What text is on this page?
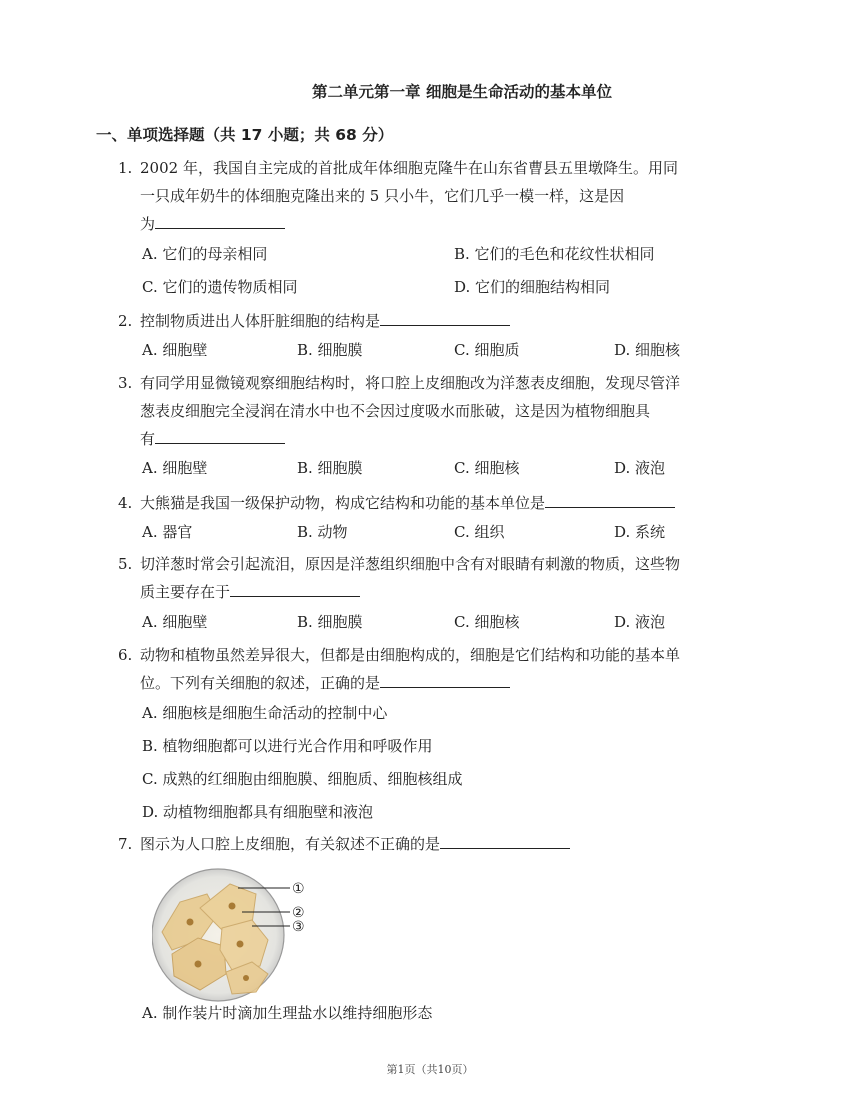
第二单元第一章 细胞是生命活动的基本单位
一、单项选择题（共 17 小题；共 68 分）
1. 2002 年，我国自主完成的首批成年体细胞克隆牛在山东省曹县五里墩降生。用同
一只成年奶牛的体细胞克隆出来的 5 只小牛，它们几乎一模一样，这是因
为
A. 它们的母亲相同	B. 它们的毛色和花纹性状相同
C. 它们的遗传物质相同	D. 它们的细胞结构相同
2. 控制物质进出人体肝脏细胞的结构是
A. 细胞壁	B. 细胞膜	C. 细胞质	D. 细胞核
3. 有同学用显微镜观察细胞结构时，将口腔上皮细胞改为洋葱表皮细胞，发现尽管洋
葱表皮细胞完全浸润在清水中也不会因过度吸水而胀破，这是因为植物细胞具
有
A. 细胞壁	B. 细胞膜	C. 细胞核	D. 液泡
4. 大熊猫是我国一级保护动物，构成它结构和功能的基本单位是
A. 器官	B. 动物	C. 组织	D. 系统
5. 切洋葱时常会引起流泪，原因是洋葱组织细胞中含有对眼睛有刺激的物质，这些物
质主要存在于
A. 细胞壁	B. 细胞膜	C. 细胞核	D. 液泡
6. 动物和植物虽然差异很大，但都是由细胞构成的，细胞是它们结构和功能的基本单
位。下列有关细胞的叙述，正确的是
A. 细胞核是细胞生命活动的控制中心
B. 植物细胞都可以进行光合作用和呼吸作用
C. 成熟的红细胞由细胞膜、细胞质、细胞核组成
D. 动植物细胞都具有细胞壁和液泡
7. 图示为人口腔上皮细胞，有关叙述不正确的是
①
②
③
A. 制作装片时滴加生理盐水以维持细胞形态
第1页（共10页）
